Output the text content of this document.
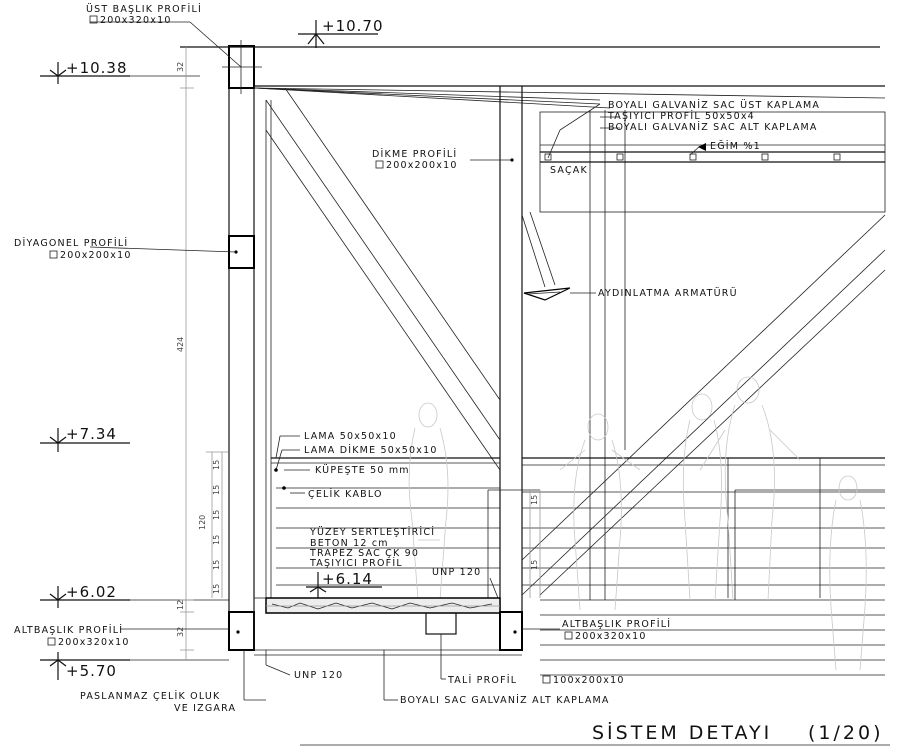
ÜST BAŞLIK PROFİLİ
200x320x10	+10.70
+10.38
DİYAGONEL PROFİLİ
200x200x10
DİKME PROFİLİ
200x200x10
BOYALI GALVANİZ SAC ÜST KAPLAMA
TAŞIYICI PROFİL 50x50x4
BOYALI GALVANİZ SAC ALT KAPLAMA
EĞİM %1
SAÇAK
AYDINLATMA ARMATÜRÜ
+7.34	LAMA 50x50x10
LAMA DİKME 50x50x10
KÜPEŞTE 50 mm
ÇELİK KABLO
YÜZEY SERTLEŞTİRİCİ
BETON 12 cm
TRAPEZ SAC ÇK 90
TAŞIYICI PROFİL
UNP 120
+6.14
+6.02
ALTBAŞLIK PROFİLİ
200x320x10
ALTBAŞLIK PROFİLİ
200x320x10
+5.70	UNP 120	TALİ PROFİL	100x200x10
PASLANMAZ ÇELİK OLUK
VE IZGARA
BOYALI SAC GALVANİZ ALT KAPLAMA
32
424
120
12
32
15
15
15
15
15
15
15
15
SİSTEM DETAYI (1/20)
